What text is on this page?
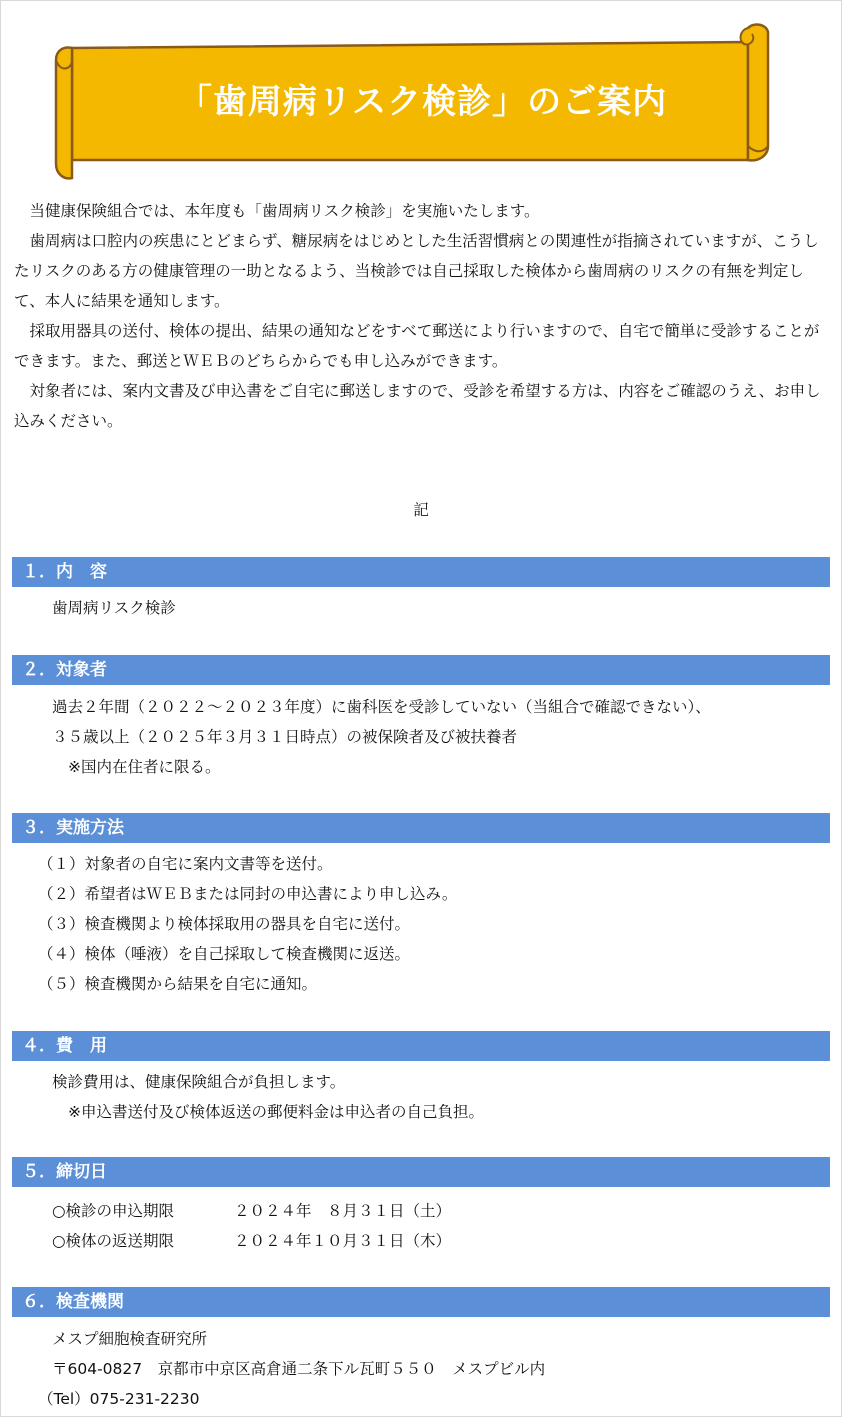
「歯周病リスク検診」のご案内

当健康保険組合では、本年度も「歯周病リスク検診」を実施いたします。

歯周病は口腔内の疾患にとどまらず、糖尿病をはじめとした生活習慣病との関連性が指摘されていますが、こうしたリスクのある方の健康管理の一助となるよう、当検診では自己採取した検体から歯周病のリスクの有無を判定して、本人に結果を通知します。

採取用器具の送付、検体の提出、結果の通知などをすべて郵送により行いますので、自宅で簡単に受診することができます。また、郵送とＷＥＢのどちらからでも申し込みができます。

対象者には、案内文書及び申込書をご自宅に郵送しますので、受診を希望する方は、内容をご確認のうえ、お申し込みください。

記
１．内　容
歯周病リスク検診
２．対象者
過去２年間（２０２２～２０２３年度）に歯科医を受診していない（当組合で確認できない）、
３５歳以上（２０２５年３月３１日時点）の被保険者及び被扶養者
※国内在住者に限る。
３．実施方法
（１）対象者の自宅に案内文書等を送付。
（２）希望者はＷＥＢまたは同封の申込書により申し込み。
（３）検査機関より検体採取用の器具を自宅に送付。
（４）検体（唾液）を自己採取して検査機関に返送。
（５）検査機関から結果を自宅に通知。
４．費　用
検診費用は、健康保険組合が負担します。
※申込書送付及び検体返送の郵便料金は申込者の自己負担。
５．締切日
○検診の申込期限	２０２４年　８月３１日（土）
○検体の返送期限	２０２４年１０月３１日（木）
６．検査機関
メスプ細胞検査研究所
〒604-0827　京都市中京区高倉通二条下ル瓦町５５０　メスプビル内
（Tel）075-231-2230
